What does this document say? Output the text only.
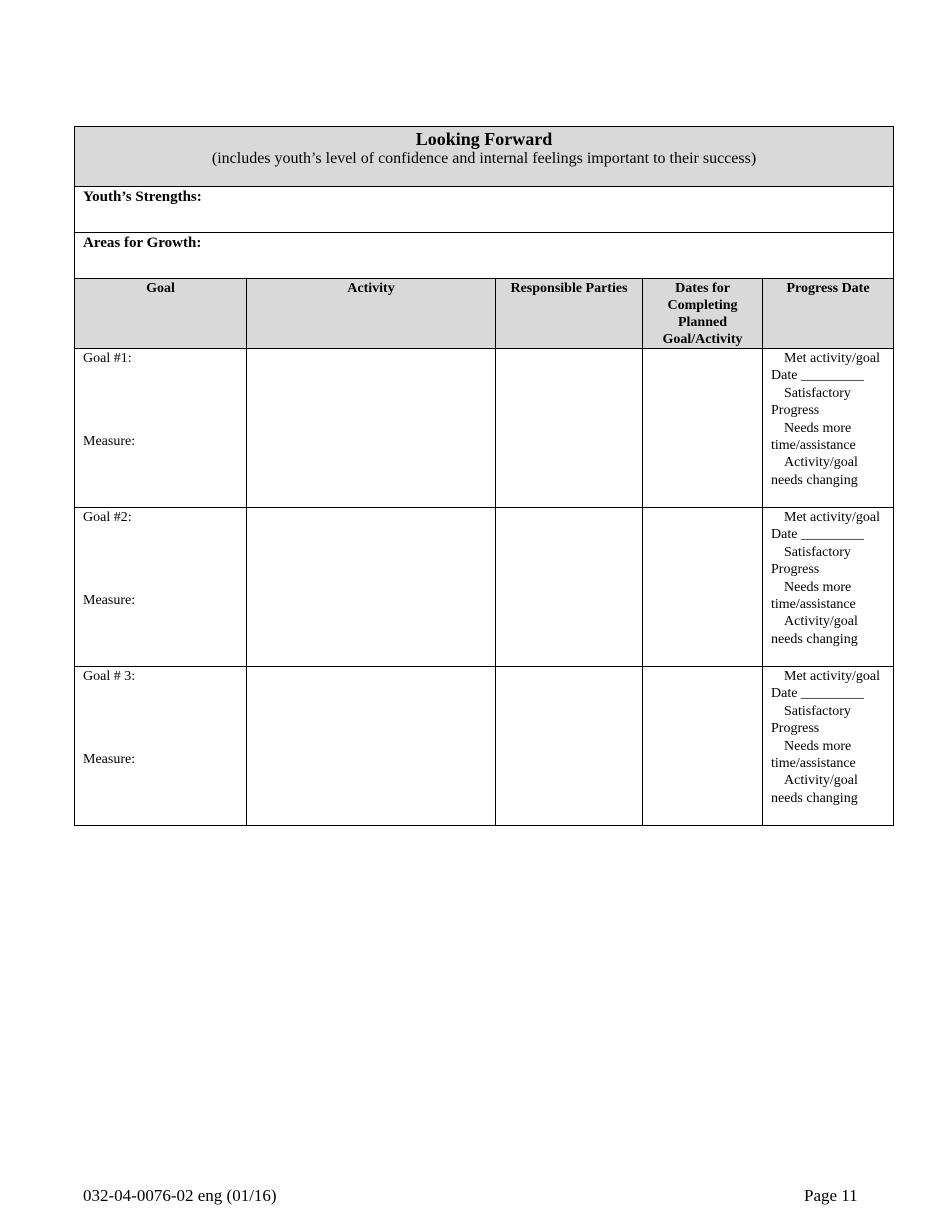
Looking Forward
(includes youth’s level of confidence and internal feelings important to their success)				

Youth’s Strengths:				

Areas for Growth:				

Goal	Activity	Responsible Parties	Dates for
Completing
Planned
Goal/Activity	Progress Date

Goal #1:
Measure:				Met activity/goal
Date _________
Satisfactory Progress
Needs more time/assistance
Activity/goal needs changing

Goal #2:
Measure:				Met activity/goal
Date _________
Satisfactory Progress
Needs more time/assistance
Activity/goal needs changing

Goal # 3:
Measure:				Met activity/goal
Date _________
Satisfactory Progress
Needs more time/assistance
Activity/goal needs changing
032-04-0076-02 eng (01/16)	Page 11
